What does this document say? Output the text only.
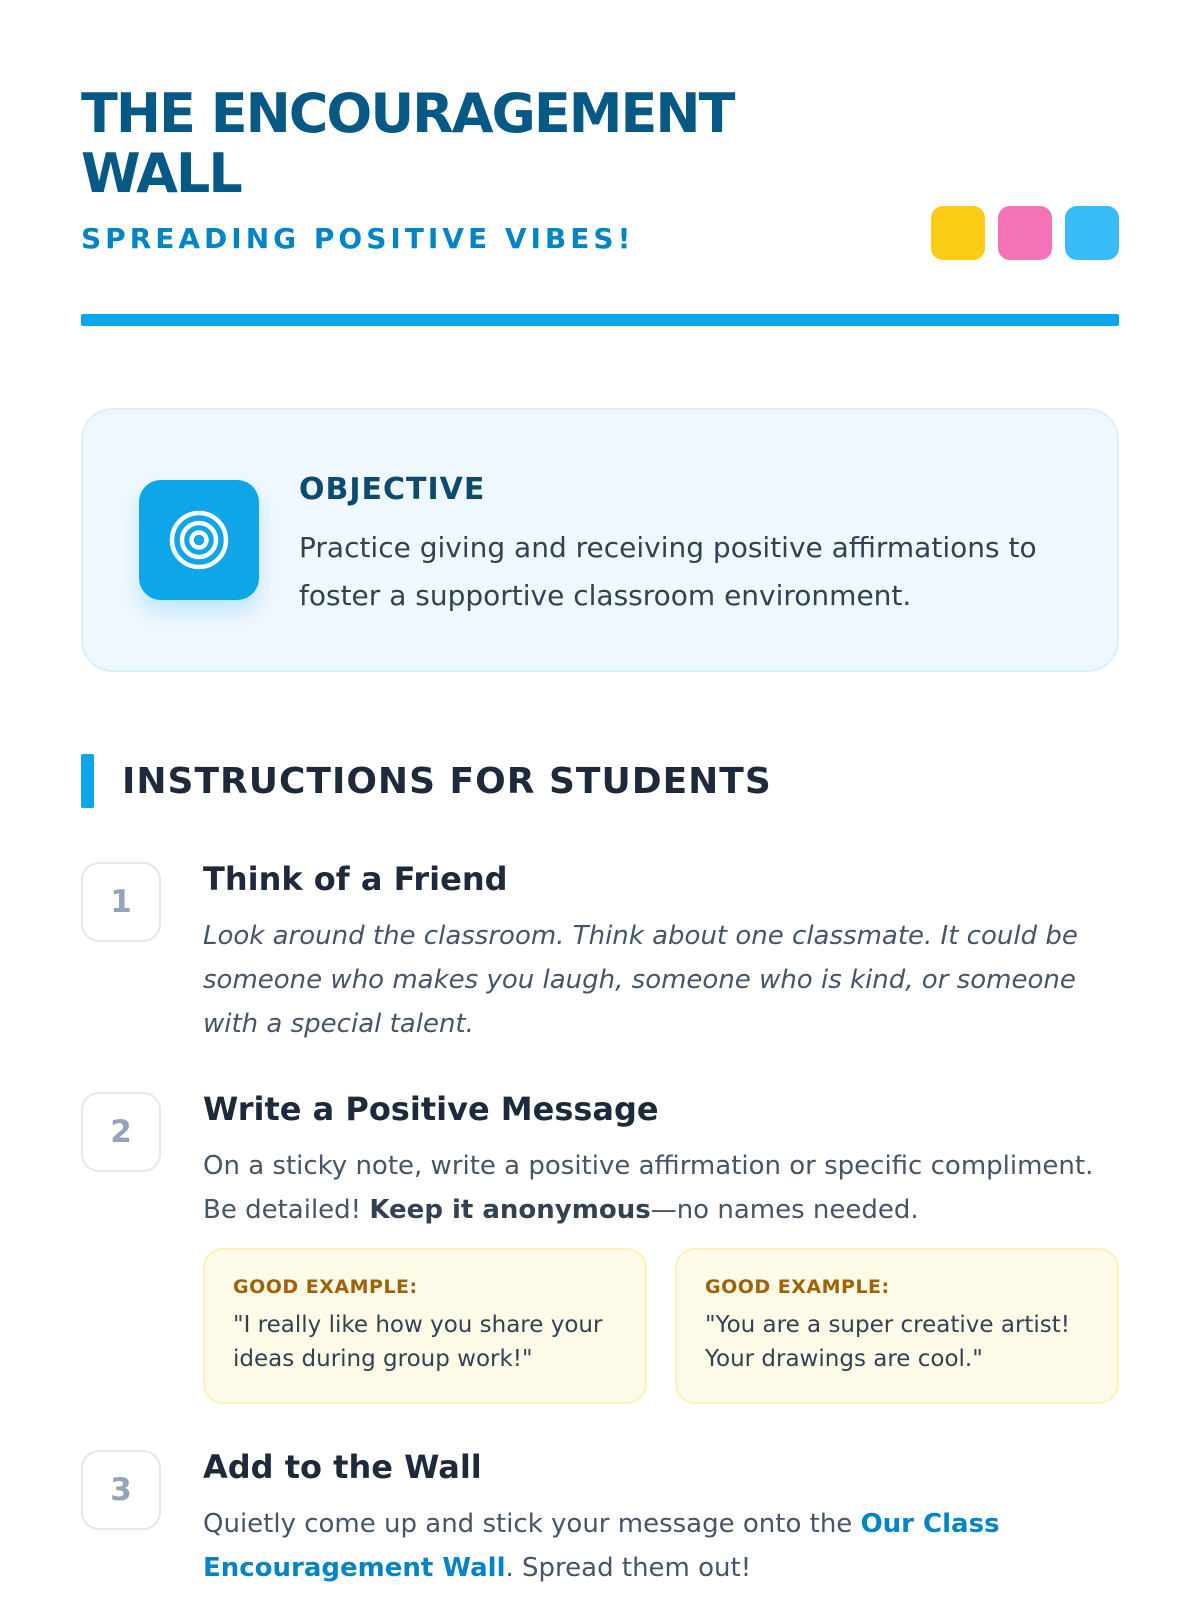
THE ENCOURAGEMENT WALL
SPREADING POSITIVE VIBES!
OBJECTIVE
Practice giving and receiving positive affirmations to foster a supportive classroom environment.
INSTRUCTIONS FOR STUDENTS
1
Think of a Friend
Look around the classroom. Think about one classmate. It could be someone who makes you laugh, someone who is kind, or someone with a special talent.
2
Write a Positive Message
On a sticky note, write a positive affirmation or specific compliment. Be detailed! Keep it anonymous—no names needed.
GOOD EXAMPLE:
"I really like how you share your ideas during group work!"
GOOD EXAMPLE:
"You are a super creative artist! Your drawings are cool."
3
Add to the Wall
Quietly come up and stick your message onto the Our Class Encouragement Wall. Spread them out!
